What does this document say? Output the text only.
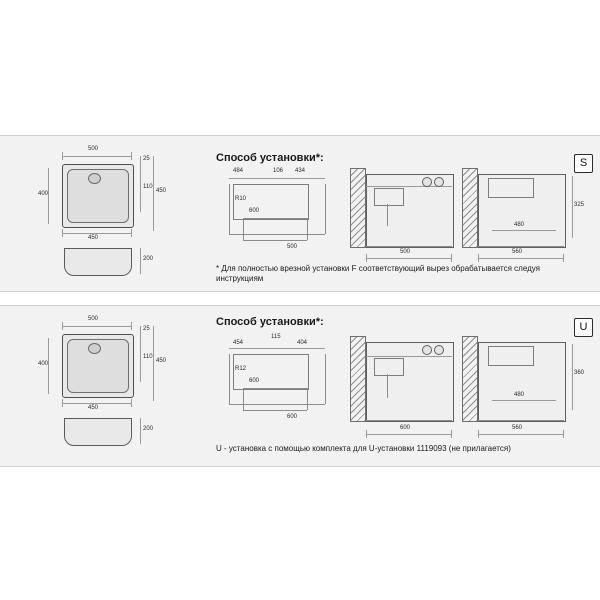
S
Способ установки*:
* Для полностью врезной установки F соответствующий вырез обрабатывается следуя инструкциям
500
25
110
450
400
450
200
484	106 434
R10
600
500
500
325
480
560
U
Способ установки*:
U - установка с помощью комплекта для U-установки 1119093 (не прилагается)
500
25
110
450
400
450
200
454
115
404
R12
600
600
600
360
480
560
